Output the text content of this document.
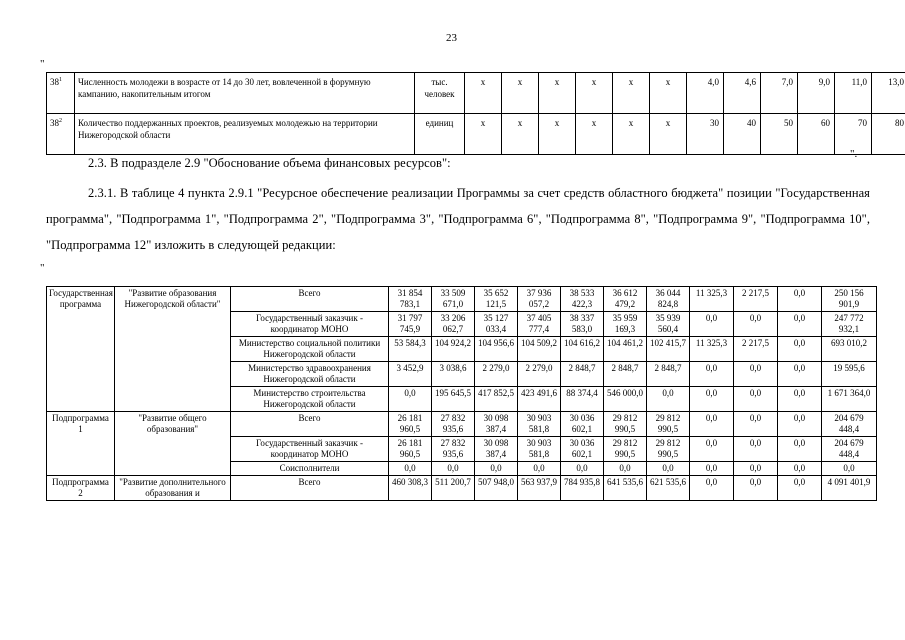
23
"
$38^1$	Численность молодежи в возрасте от 14 до 30 лет, вовлеченной в форумную кампанию, накопительным итогом	тыс. человек	x	x	x	x	x	x	4,0	4,6	7,0	9,0	11,0	13,0
$38^2$	Количество поддержанных проектов, реализуемых молодежью на территории Нижегородской области	единиц	x	x	x	x	x	x	30	40	50	60	70	80
".
2.3. В подразделе 2.9 "Обоснование объема финансовых ресурсов":
2.3.1. В таблице 4 пункта 2.9.1 "Ресурсное обеспечение реализации Программы за счет средств областного бюджета" позиции "Государственная программа", "Подпрограмма 1", "Подпрограмма 2", "Подпрограмма 3", "Подпрограмма 6", "Подпрограмма 8", "Подпрограмма 9", "Подпрограмма 10", "Подпрограмма 12" изложить в следующей редакции:
"
Государственная программа	"Развитие образования Нижегородской области"	Всего	31 854 783,1	33 509 671,0	35 652 121,5	37 936 057,2	38 533 422,3	36 612 479,2	36 044 824,8	11 325,3	2 217,5	0,0	250 156 901,9
		Государственный заказчик - координатор МОНО	31 797 745,9	33 206 062,7	35 127 033,4	37 405 777,4	38 337 583,0	35 959 169,3	35 939 560,4	0,0	0,0	0,0	247 772 932,1
		Министерство социальной политики Нижегородской области	53 584,3	104 924,2	104 956,6	104 509,2	104 616,2	104 461,2	102 415,7	11 325,3	2 217,5	0,0	693 010,2
		Министерство здравоохранения Нижегородской области	3 452,9	3 038,6	2 279,0	2 279,0	2 848,7	2 848,7	2 848,7	0,0	0,0	0,0	19 595,6
		Министерство строительства Нижегородской области	0,0	195 645,5	417 852,5	423 491,6	88 374,4	546 000,0	0,0	0,0	0,0	0,0	1 671 364,0
Подпрограмма 1	"Развитие общего образования"	Всего	26 181 960,5	27 832 935,6	30 098 387,4	30 903 581,8	30 036 602,1	29 812 990,5	29 812 990,5	0,0	0,0	0,0	204 679 448,4
		Государственный заказчик - координатор МОНО	26 181 960,5	27 832 935,6	30 098 387,4	30 903 581,8	30 036 602,1	29 812 990,5	29 812 990,5	0,0	0,0	0,0	204 679 448,4
		Соисполнители	0,0	0,0	0,0	0,0	0,0	0,0	0,0	0,0	0,0	0,0	0,0
Подпрограмма 2	"Развитие дополнительного образования и	Всего	460 308,3	511 200,7	507 948,0	563 937,9	784 935,8	641 535,6	621 535,6	0,0	0,0	0,0	4 091 401,9
